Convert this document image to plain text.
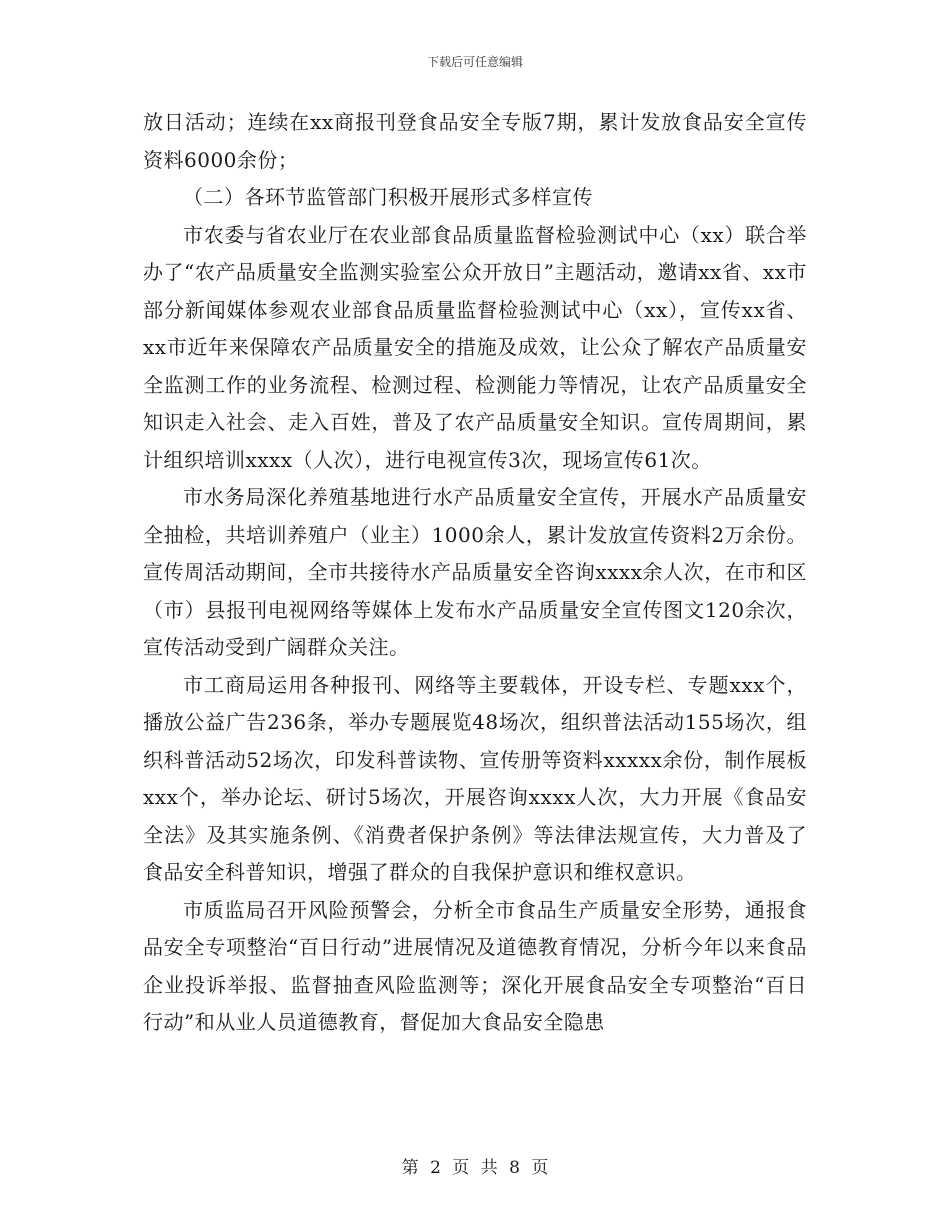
下载后可任意编辑

放日活动；连续在xx商报刊登食品安全专版7期，累计发放食品安全宣传资料6000余份；

（二）各环节监管部门积极开展形式多样宣传

市农委与省农业厅在农业部食品质量监督检验测试中心（xx）联合举办了“农产品质量安全监测实验室公众开放日”主题活动，邀请xx省、xx市部分新闻媒体参观农业部食品质量监督检验测试中心（xx），宣传xx省、xx市近年来保障农产品质量安全的措施及成效，让公众了解农产品质量安全监测工作的业务流程、检测过程、检测能力等情况，让农产品质量安全知识走入社会、走入百姓，普及了农产品质量安全知识。宣传周期间，累计组织培训xxxx（人次），进行电视宣传3次，现场宣传61次。

市水务局深化养殖基地进行水产品质量安全宣传，开展水产品质量安全抽检，共培训养殖户（业主）1000余人，累计发放宣传资料2万余份。宣传周活动期间，全市共接待水产品质量安全咨询xxxx余人次，在市和区（市）县报刊电视网络等媒体上发布水产品质量安全宣传图文120余次，宣传活动受到广阔群众关注。

市工商局运用各种报刊、网络等主要载体，开设专栏、专题xxx个，播放公益广告236条，举办专题展览48场次，组织普法活动155场次，组织科普活动52场次，印发科普读物、宣传册等资料xxxxx余份，制作展板xxx个，举办论坛、研讨5场次，开展咨询xxxx人次，大力开展《食品安全法》及其实施条例、《消费者保护条例》等法律法规宣传，大力普及了食品安全科普知识，增强了群众的自我保护意识和维权意识。

市质监局召开风险预警会，分析全市食品生产质量安全形势，通报食品安全专项整治“百日行动”进展情况及道德教育情况，分析今年以来食品企业投诉举报、监督抽查风险监测等；深化开展食品安全专项整治“百日行动”和从业人员道德教育，督促加大食品安全隐患

第 2 页 共 8 页
